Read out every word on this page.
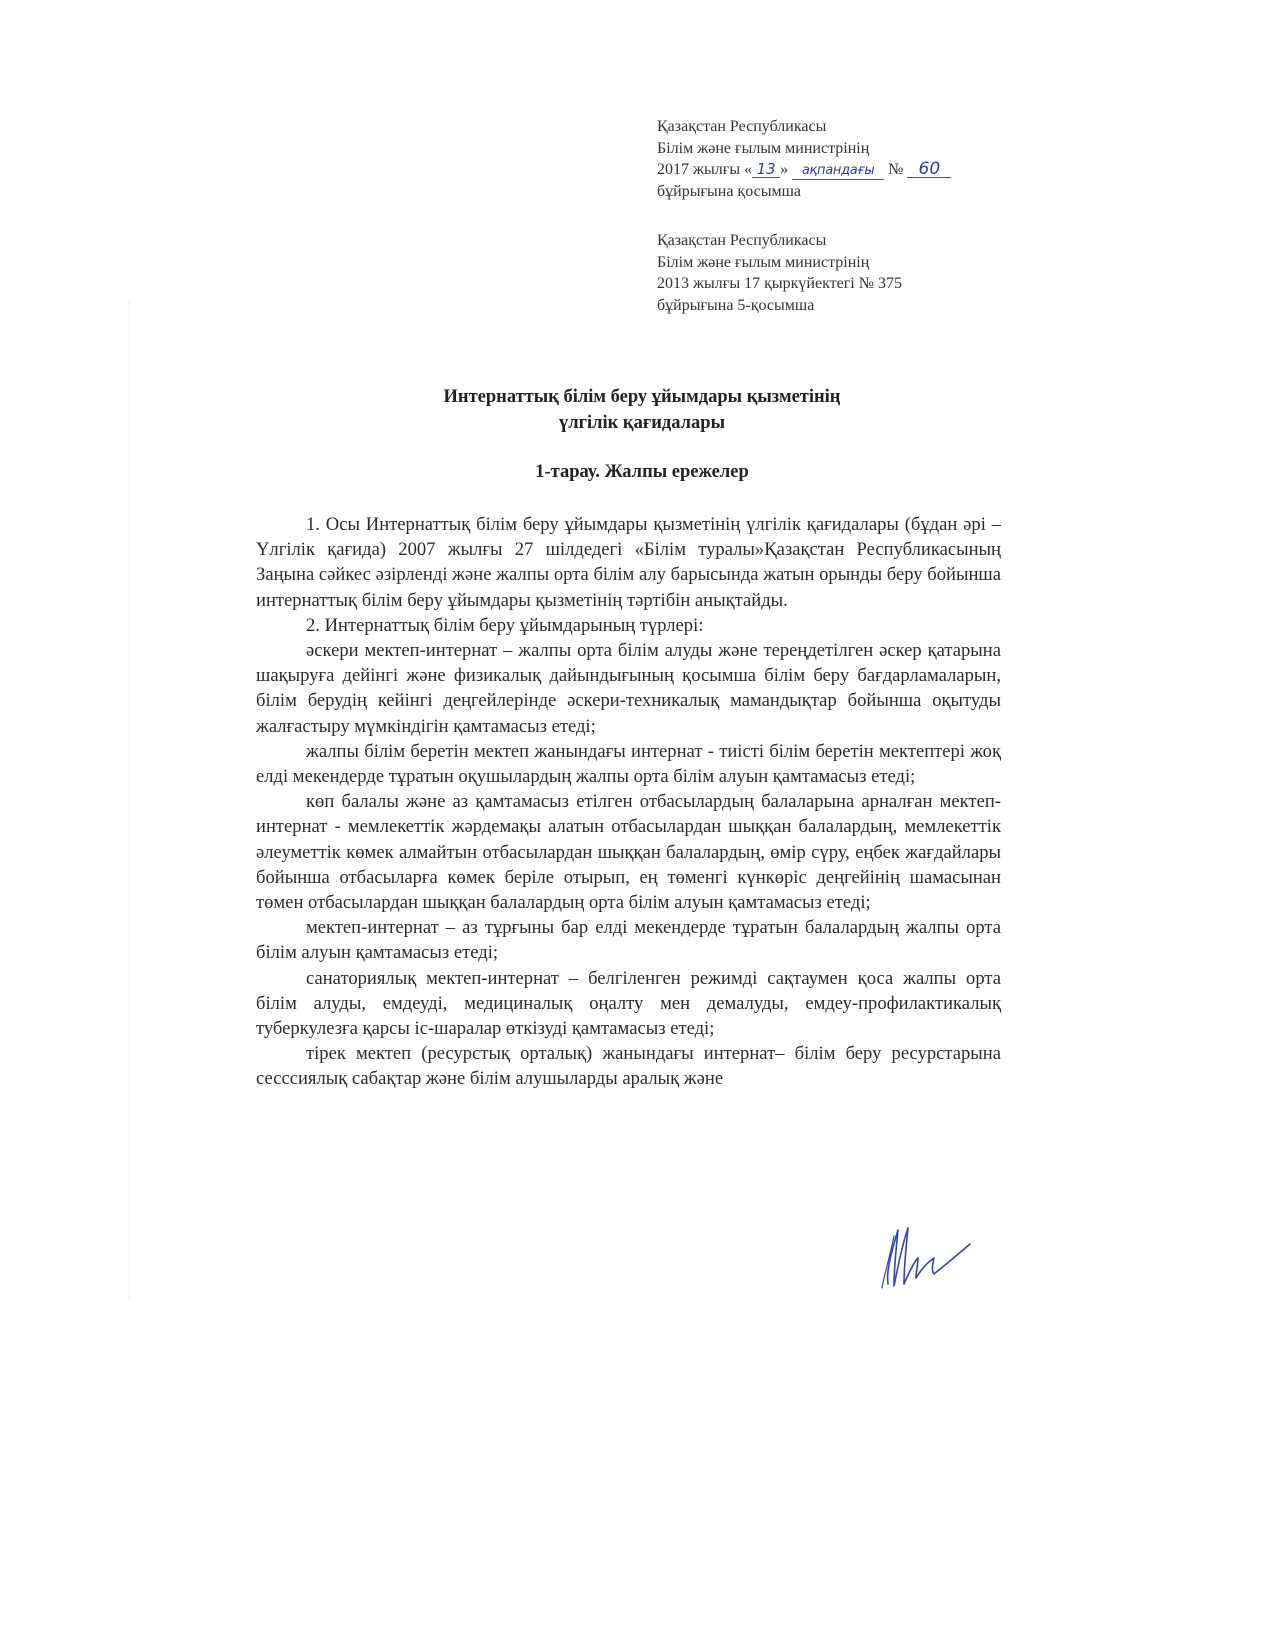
Қазақстан Республикасы

Білім және ғылым министрінің

2017 жылғы « 13 » ақпандағы № 60

бұйрығына қосымша

Қазақстан Республикасы

Білім және ғылым министрінің

2013 жылғы 17 қыркүйектегі № 375

бұйрығына 5-қосымша

Интернаттық білім беру ұйымдары қызметінің

үлгілік қағидалары

1-тарау. Жалпы ережелер

1. Осы Интернаттық білім беру ұйымдары қызметінің үлгілік қағидалары (бұдан әрі – Үлгілік қағида) 2007 жылғы 27 шілдедегі «Білім туралы»Қазақстан Республикасының Заңына сәйкес әзірленді және жалпы орта білім алу барысында жатын орынды беру бойынша интернаттық білім беру ұйымдары қызметінің тәртібін анықтайды.

2. Интернаттық білім беру ұйымдарының түрлері:

әскери мектеп-интернат – жалпы орта білім алуды және тереңдетілген әскер қатарына шақыруға дейінгі және физикалық дайындығының қосымша білім беру бағдарламаларын, білім берудің кейінгі деңгейлерінде әскери-техникалық мамандықтар бойынша оқытуды жалғастыру мүмкіндігін қамтамасыз етеді;

жалпы білім беретін мектеп жанындағы интернат - тиісті білім беретін мектептері жоқ елді мекендерде тұратын оқушылардың жалпы орта білім алуын қамтамасыз етеді;

көп балалы және аз қамтамасыз етілген отбасылардың балаларына арналған мектеп-интернат - мемлекеттік жәрдемақы алатын отбасылардан шыққан балалардың, мемлекеттік әлеуметтік көмек алмайтын отбасылардан шыққан балалардың, өмір сүру, еңбек жағдайлары бойынша отбасыларға көмек беріле отырып, ең төменгі күнкөріс деңгейінің шамасынан төмен отбасылардан шыққан балалардың орта білім алуын қамтамасыз етеді;

мектеп-интернат – аз тұрғыны бар елді мекендерде тұратын балалардың жалпы орта білім алуын қамтамасыз етеді;

санаториялық мектеп-интернат – белгіленген режимді сақтаумен қоса жалпы орта білім алуды, емдеуді, медициналық оңалту мен демалуды, емдеу-профилактикалық туберкулезға қарсы іс-шаралар өткізуді қамтамасыз етеді;

тірек мектеп (ресурстық орталық) жанындағы интернат– білім беру ресурстарына сесссиялық сабақтар және білім алушыларды аралық және
